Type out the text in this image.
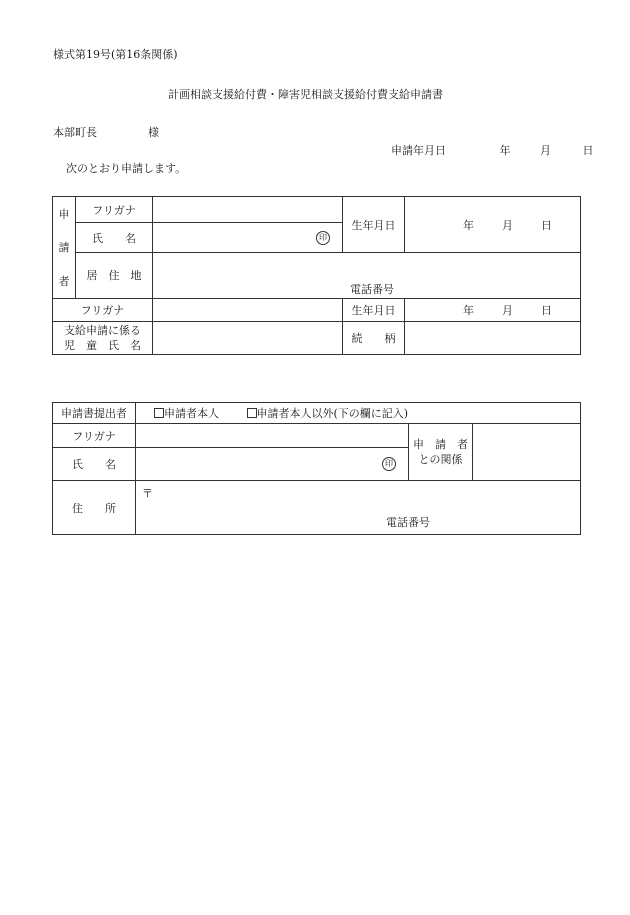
様式第19号(第16条関係)
計画相談支援給付費・障害児相談支援給付費支給申請書
本部町長	様
申請年月日	年	月	日
次のとおり申請します。
申
請
者	フリガナ		生年月日	年 月 日

	氏　　名	印		

	居　住　地	電話番号		

フリガナ			生年月日	年 月 日

支給申請に係る
児　童　氏　名			続　　柄	
申請書提出者	申請者本人 申請者本人以外(下の欄に記入)		
フリガナ		申　請　者
との関係	

氏　　名	印		

住　　所	〒
電話番号		
